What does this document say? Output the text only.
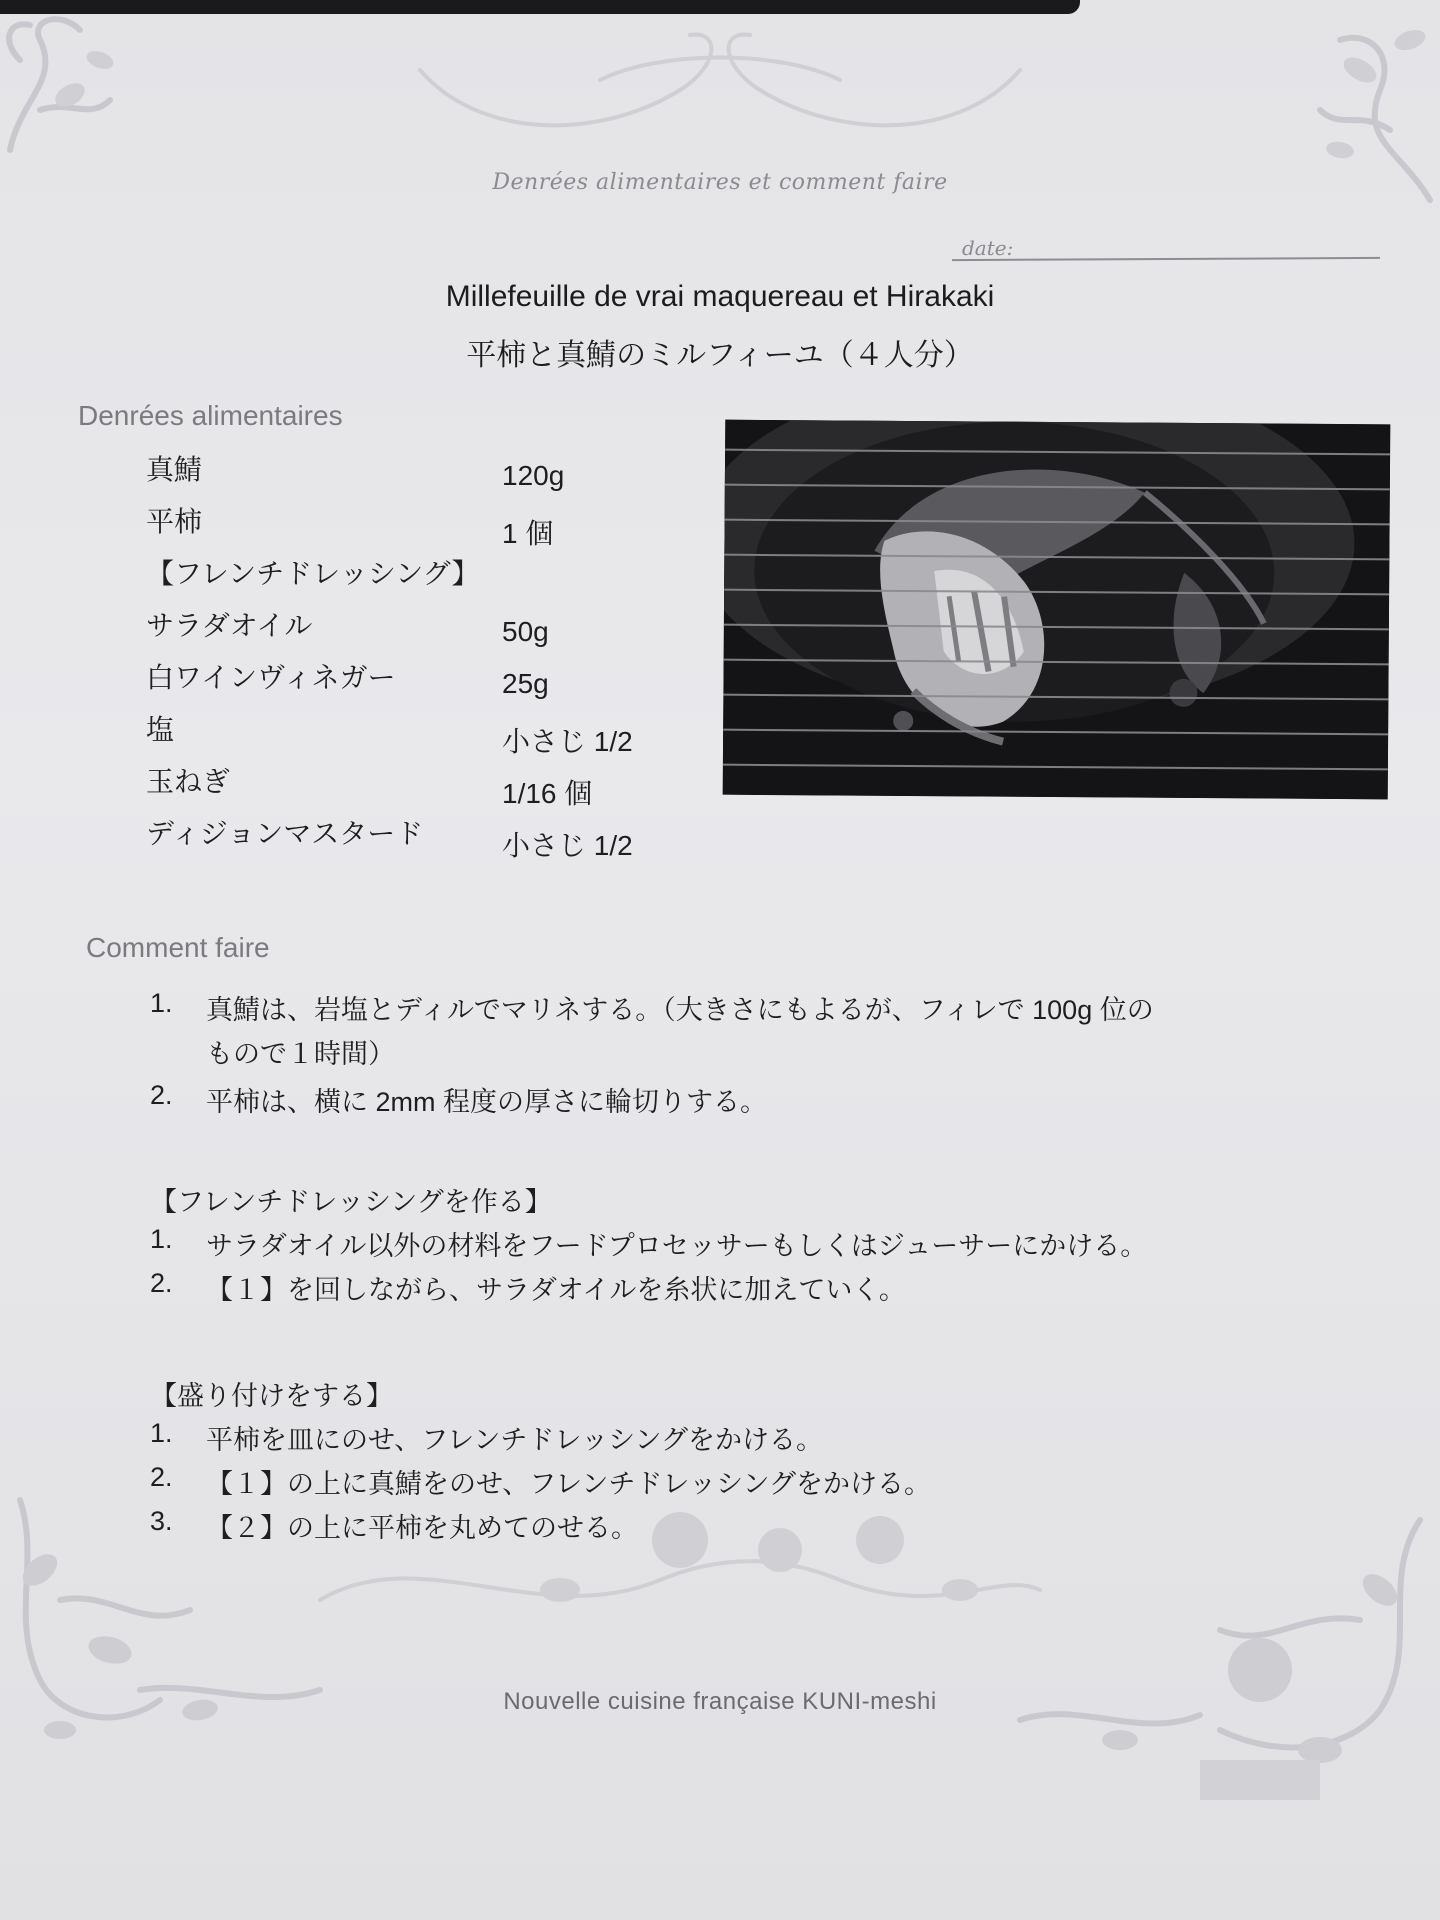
Denrées alimentaires et comment faire
date:
Millefeuille de vrai maquereau et Hirakaki
平柿と真鯖のミルフィーユ（４人分）
Denrées alimentaires
真鯖	120g
平柿	1 個
【フレンチドレッシング】
サラダオイル	50g
白ワインヴィネガー	25g
塩	小さじ 1/2
玉ねぎ	1/16 個
ディジョンマスタード	小さじ 1/2
Comment faire
1. 真鯖は、岩塩とディルでマリネする。（大きさにもよるが、フィレで 100g 位の
もので１時間）
2. 平柿は、横に 2mm 程度の厚さに輪切りする。
【フレンチドレッシングを作る】
1. サラダオイル以外の材料をフードプロセッサーもしくはジューサーにかける。
2. 【１】を回しながら、サラダオイルを糸状に加えていく。
【盛り付けをする】
1. 平柿を皿にのせ、フレンチドレッシングをかける。
2. 【１】の上に真鯖をのせ、フレンチドレッシングをかける。
3. 【２】の上に平柿を丸めてのせる。
Nouvelle cuisine française KUNI-meshi
